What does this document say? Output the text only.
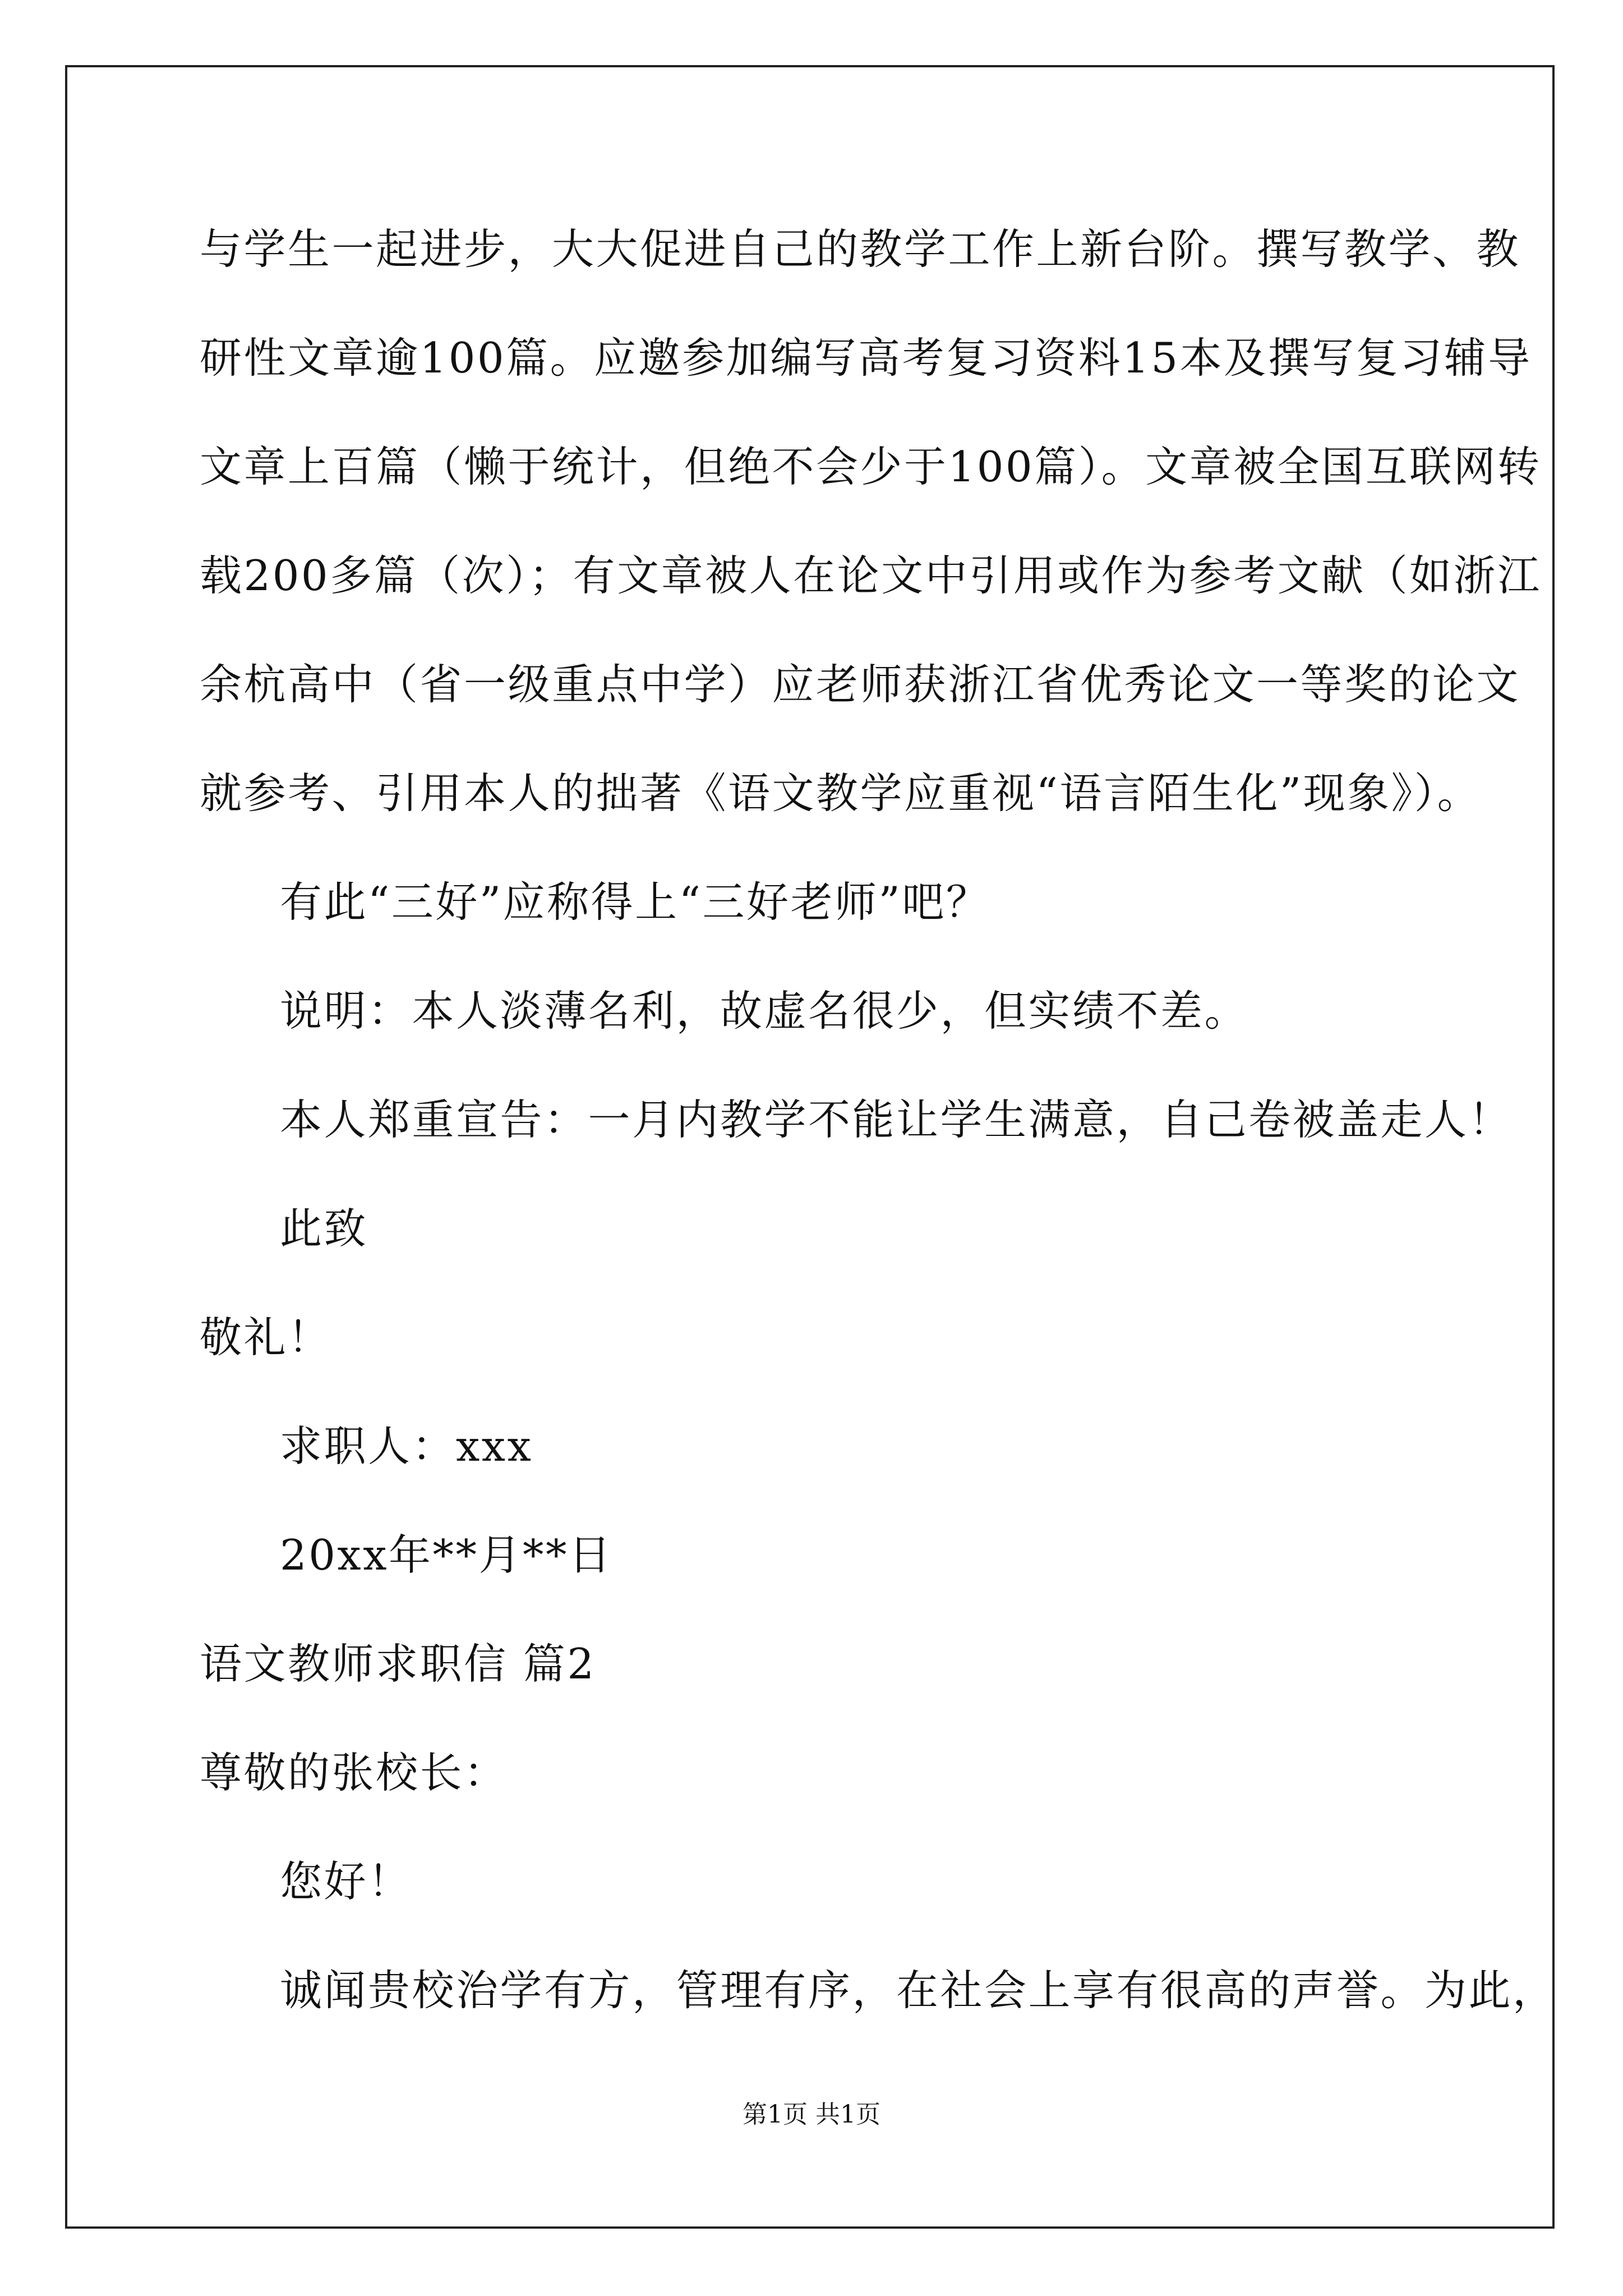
与学生一起进步，大大促进自己的教学工作上新台阶。撰写教学、教
研性文章逾100篇。应邀参加编写高考复习资料15本及撰写复习辅导
文章上百篇（懒于统计，但绝不会少于100篇）。文章被全国互联网转
载200多篇（次）；有文章被人在论文中引用或作为参考文献（如浙江
余杭高中（省一级重点中学）应老师获浙江省优秀论文一等奖的论文
就参考、引用本人的拙著《语文教学应重视“语言陌生化”现象》）。
有此“三好”应称得上“三好老师”吧？
说明：本人淡薄名利，故虚名很少，但实绩不差。
本人郑重宣告：一月内教学不能让学生满意，自己卷被盖走人！
此致
敬礼！
求职人：xxx
20xx年**月**日
语文教师求职信 篇2
尊敬的张校长：
您好！
诚闻贵校治学有方，管理有序，在社会上享有很高的声誉。为此，
第1页 共1页
